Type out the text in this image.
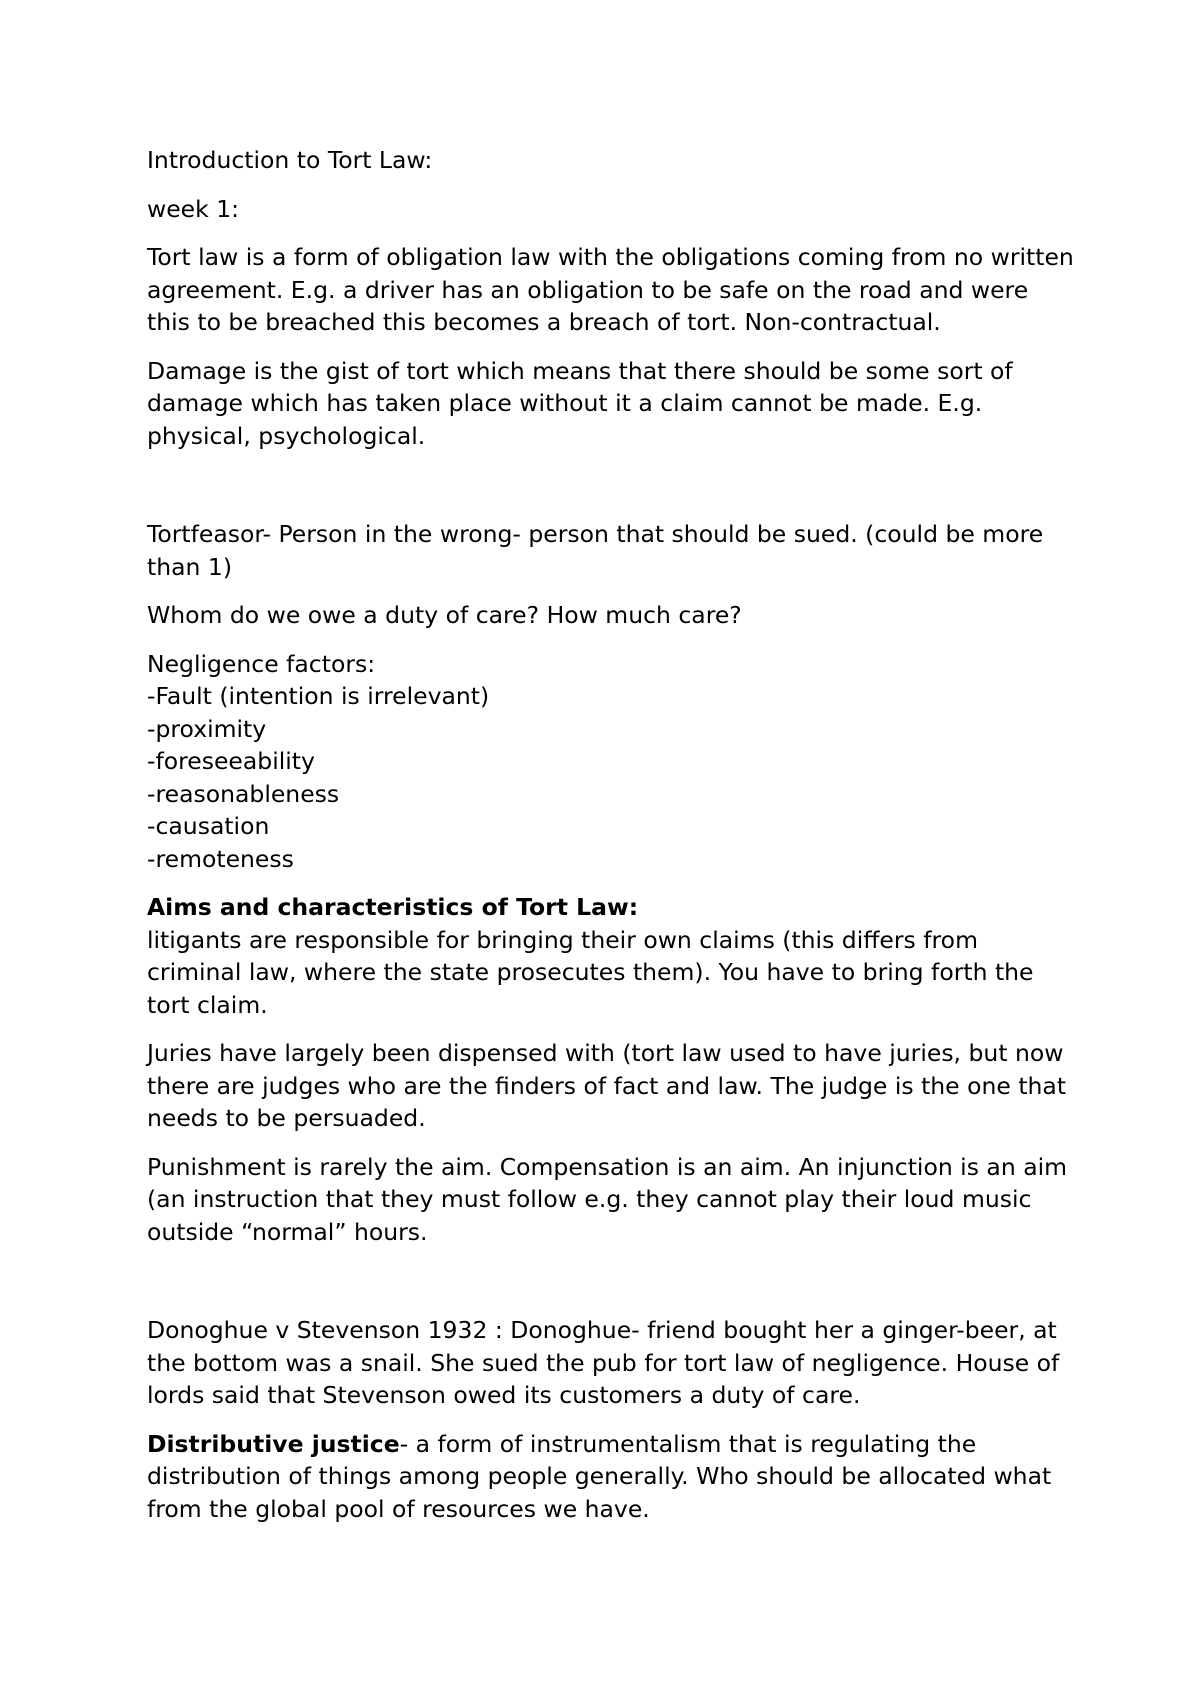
Introduction to Tort Law:

week 1:

Tort law is a form of obligation law with the obligations coming from no written agreement. E.g. a driver has an obligation to be safe on the road and were this to be breached this becomes a breach of tort. Non-contractual.

Damage is the gist of tort which means that there should be some sort of damage which has taken place without it a claim cannot be made. E.g. physical, psychological.

Tortfeasor- Person in the wrong- person that should be sued. (could be more than 1)

Whom do we owe a duty of care? How much care?

Negligence factors:
-Fault (intention is irrelevant)
-proximity
-foreseeability
-reasonableness
-causation
-remoteness

Aims and characteristics of Tort Law:
litigants are responsible for bringing their own claims (this differs from criminal law, where the state prosecutes them). You have to bring forth the tort claim.

Juries have largely been dispensed with (tort law used to have juries, but now there are judges who are the finders of fact and law. The judge is the one that needs to be persuaded.

Punishment is rarely the aim. Compensation is an aim. An injunction is an aim (an instruction that they must follow e.g. they cannot play their loud music outside “normal” hours.

Donoghue v Stevenson 1932 : Donoghue- friend bought her a ginger-beer, at the bottom was a snail. She sued the pub for tort law of negligence. House of lords said that Stevenson owed its customers a duty of care.

Distributive justice- a form of instrumentalism that is regulating the distribution of things among people generally. Who should be allocated what from the global pool of resources we have.
